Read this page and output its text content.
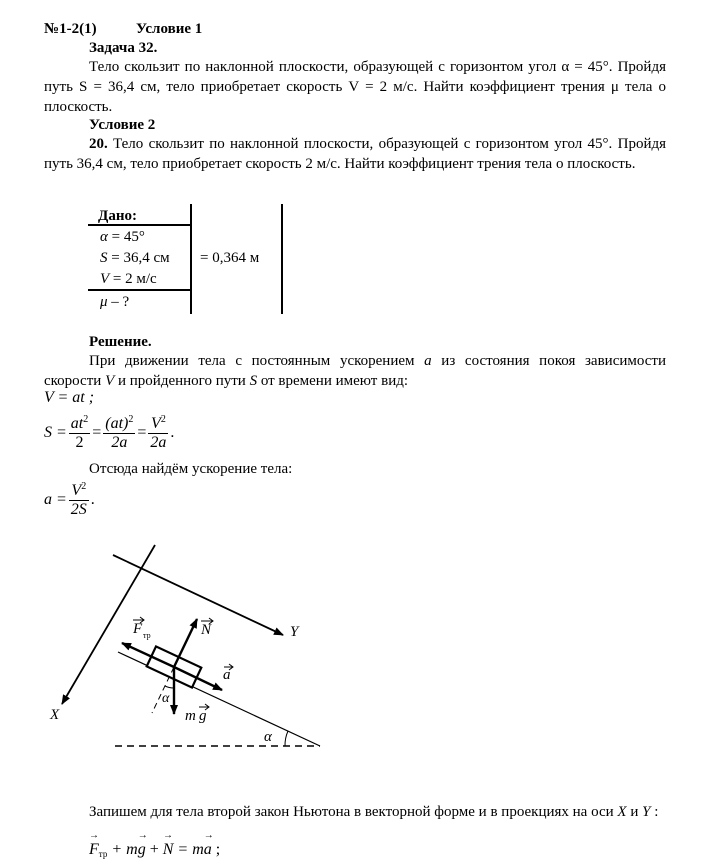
№1-2(1)	Условие 1
Задача 32.
Тело скользит по наклонной плоскости, образующей с горизонтом угол α = 45°. Пройдя путь S = 36,4 см, тело приобретает скорость V = 2 м/с. Найти коэффициент трения μ тела о плоскость.
Условие 2
20. Тело скользит по наклонной плоскости, образующей с горизонтом угол 45°. Пройдя путь 36,4 см, тело приобретает скорость 2 м/с. Найти коэффициент трения тела о плоскость.
Дано:
α = 45°
S = 36,4 см
V = 2 м/с
μ – ?
= 0,364 м
Решение.
При движении тела с постоянным ускорением a из состояния покоя зависимости скорости V и пройденного пути S от времени имеют вид:
V = at ;
$S = \frac{at^2}{2} = \frac{(at)^2}{2a} = \frac{V^2}{2a}$ .
Отсюда найдём ускорение тела:
$a = \frac{V^2}{2S}$ .
X
Y
N
F тр
a
m g
α
α
Запишем для тела второй закон Ньютона в векторной форме и в проекциях на оси X и Y :
→ $F_{тр} + m\to g$ + → N = m→ a ;
